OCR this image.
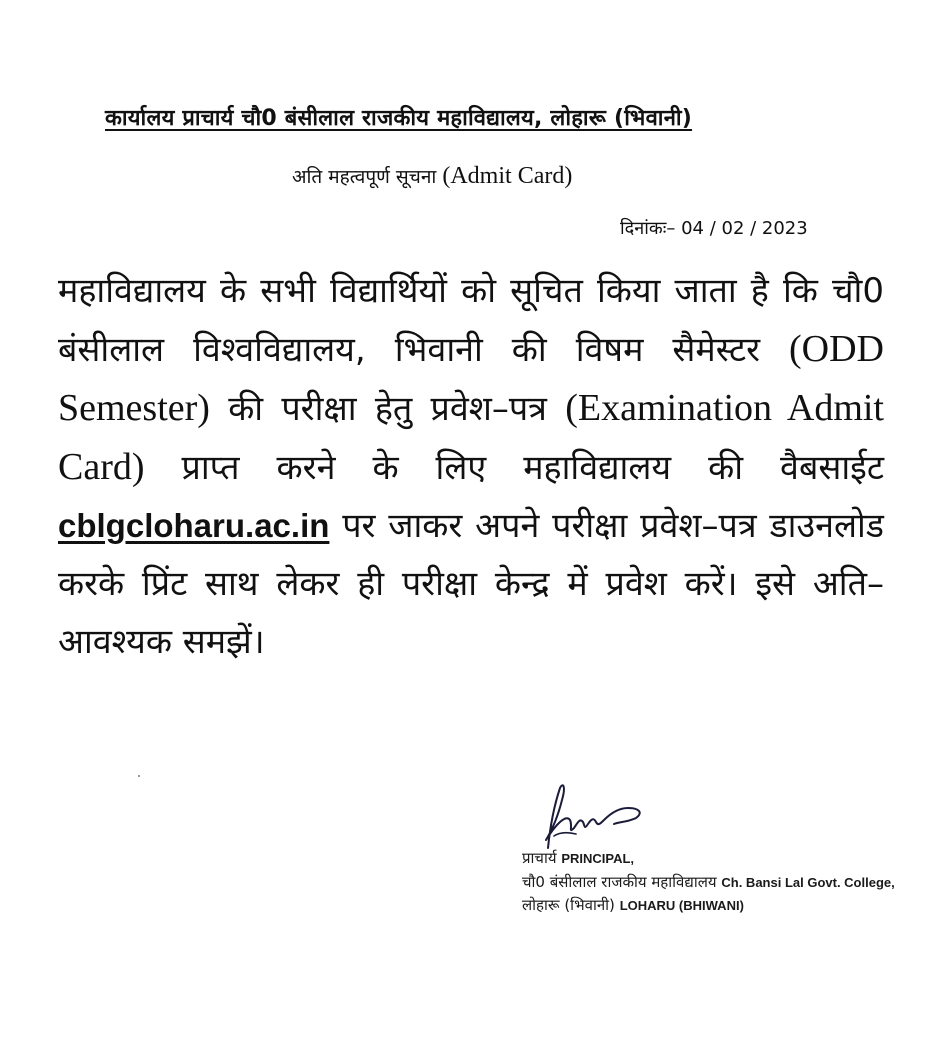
कार्यालय प्राचार्य चौ0 बंसीलाल राजकीय महाविद्यालय, लोहारू (भिवानी)
अति महत्वपूर्ण सूचना (Admit Card)
दिनांकः– 04 / 02 / 2023
महाविद्यालय के सभी विद्यार्थियों को सूचित किया जाता है कि चौ0 बंसीलाल विश्वविद्यालय, भिवानी की विषम सैमेस्टर (ODD Semester) की परीक्षा हेतु प्रवेश–पत्र (Examination Admit Card) प्राप्त करने के लिए महाविद्यालय की वैबसाईट cblgcloharu.ac.in पर जाकर अपने परीक्षा प्रवेश–पत्र डाउनलोड करके प्रिंट साथ लेकर ही परीक्षा केन्द्र में प्रवेश करें। इसे अति–आवश्यक समझें।
प्राचार्य PRINCIPAL,
चौ0 बंसीलाल राजकीय महाविद्यालय Ch. Bansi Lal Govt. College,
लोहारू (भिवानी) LOHARU (BHIWANI)
